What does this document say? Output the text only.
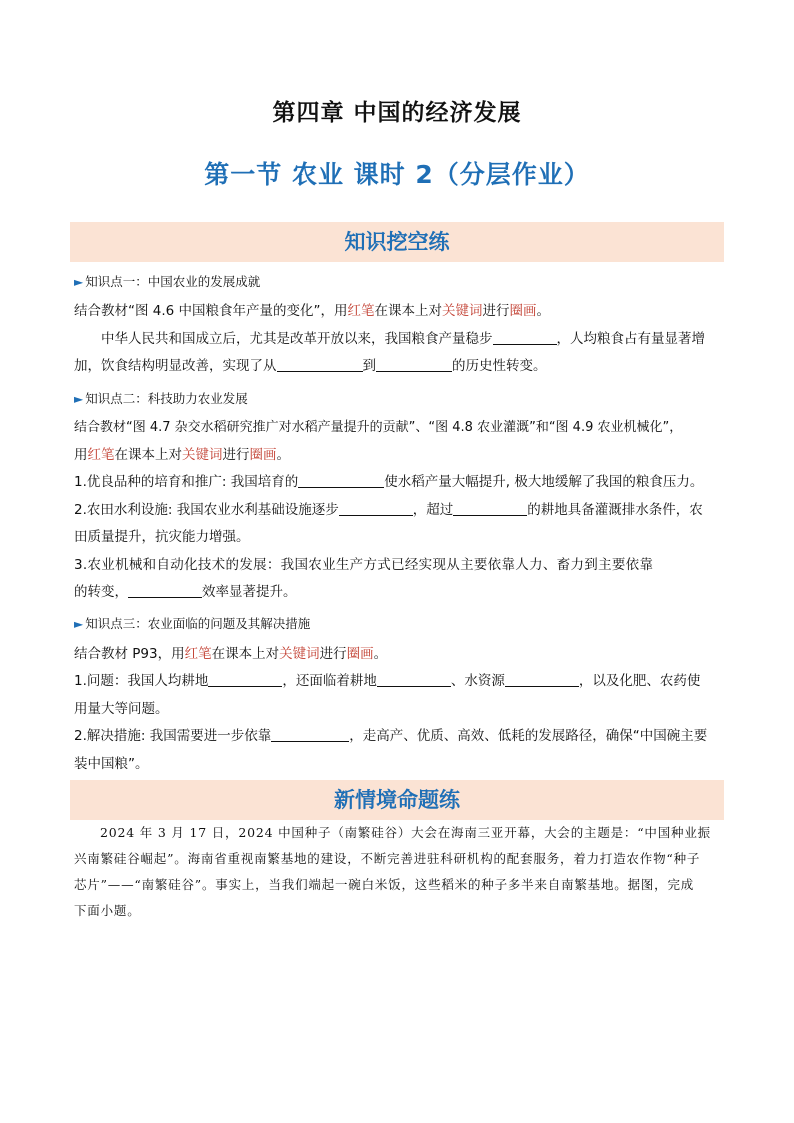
第四章 中国的经济发展
第一节 农业 课时 2（分层作业）
知识挖空练
► 知识点一：中国农业的发展成就
结合教材“图 4.6 中国粮食年产量的变化”，用红笔在课本上对关键词进行圈画。
中华人民共和国成立后，尤其是改革开放以来，我国粮食产量稳步	，人均粮食占有量显著增
加，饮食结构明显改善，实现了从	到	的历史性转变。
► 知识点二：科技助力农业发展
结合教材“图 4.7 杂交水稻研究推广对水稻产量提升的贡献”、“图 4.8 农业灌溉”和“图 4.9 农业机械化”，
用红笔在课本上对关键词进行圈画。
1.优良品种的培育和推广: 我国培育的	使水稻产量大幅提升, 极大地缓解了我国的粮食压力。
2.农田水利设施: 我国农业水利基础设施逐步	，超过	的耕地具备灌溉排水条件，农
田质量提升，抗灾能力增强。
3.农业机械和自动化技术的发展：我国农业生产方式已经实现从主要依靠人力、畜力到主要依靠
的转变，	效率显著提升。
► 知识点三：农业面临的问题及其解决措施
结合教材 P93，用红笔在课本上对关键词进行圈画。
1.问题：我国人均耕地	，还面临着耕地	、水资源	，以及化肥、农药使
用量大等问题。
2.解决措施: 我国需要进一步依靠	，走高产、优质、高效、低耗的发展路径，确保“中国碗主要
装中国粮”。
新情境命题练
2024 年 3 月 17 日，2024 中国种子（南繁硅谷）大会在海南三亚开幕，大会的主题是：“中国种业振
兴南繁硅谷崛起”。海南省重视南繁基地的建设，不断完善进驻科研机构的配套服务，着力打造农作物“种子
芯片”——“南繁硅谷”。事实上，当我们端起一碗白米饭，这些稻米的种子多半来自南繁基地。据图，完成
下面小题。
